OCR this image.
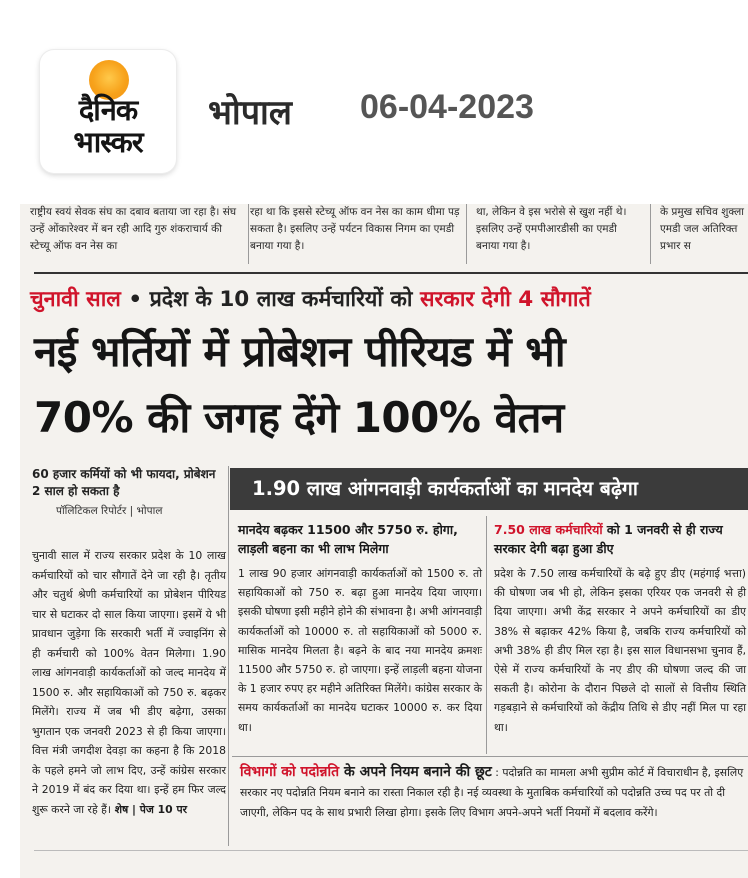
दैनिक
भास्कर
भोपाल 06-04-2023
राष्ट्रीय स्वयं सेवक संघ का दबाव बताया जा रहा है। संघ उन्हें ओंकारेश्वर में बन रही आदि गुरु शंकराचार्य की स्टेच्यू ऑफ वन नेस का
रहा था कि इससे स्टेच्यू ऑफ वन नेस का काम धीमा पड़ सकता है। इसलिए उन्हें पर्यटन विकास निगम का एमडी बनाया गया है।
था, लेकिन वे इस भरोसे से खुश नहीं थे। इसलिए उन्हें एमपीआरडीसी का एमडी बनाया गया है।
के प्रमुख सचिव शुक्ला एमडी जल अतिरिक्त प्रभार स
चुनावी साल • प्रदेश के 10 लाख कर्मचारियों को सरकार देगी 4 सौगातें
नई भर्तियों में प्रोबेशन पीरियड में भी
70% की जगह देंगे 100% वेतन
60 हजार कर्मियों को भी फायदा, प्रोबेशन 2 साल हो सकता है
पॉलिटिकल रिपोर्टर | भोपाल
चुनावी साल में राज्य सरकार प्रदेश के 10 लाख कर्मचारियों को चार सौगातें देने जा रही है। तृतीय और चतुर्थ श्रेणी कर्मचारियों का प्रोबेशन पीरियड चार से घटाकर दो साल किया जाएगा। इसमें ये भी प्रावधान जुड़ेगा कि सरकारी भर्ती में ज्वाइनिंग से ही कर्मचारी को 100% वेतन मिलेगा। 1.90 लाख आंगनवाड़ी कार्यकर्ताओं को जल्द मानदेय में 1500 रु. और सहायिकाओं को 750 रु. बढ़कर मिलेंगे। राज्य में जब भी डीए बढ़ेगा, उसका भुगतान एक जनवरी 2023 से ही किया जाएगा। वित्त मंत्री जगदीश देवड़ा का कहना है कि 2018 के पहले हमने जो लाभ दिए, उन्हें कांग्रेस सरकार ने 2019 में बंद कर दिया था। इन्हें हम फिर जल्द शुरू करने जा रहे हैं। शेष | पेज 10 पर
1.90 लाख आंगनवाड़ी कार्यकर्ताओं का मानदेय बढ़ेगा
मानदेय बढ़कर 11500 और 5750 रु. होगा, लाड़ली बहना का भी लाभ मिलेगा
1 लाख 90 हजार आंगनवाड़ी कार्यकर्ताओं को 1500 रु. तो सहायिकाओं को 750 रु. बढ़ा हुआ मानदेय दिया जाएगा। इसकी घोषणा इसी महीने होने की संभावना है। अभी आंगनवाड़ी कार्यकर्ताओं को 10000 रु. तो सहायिकाओं को 5000 रु. मासिक मानदेय मिलता है। बढ़ने के बाद नया मानदेय क्रमशः 11500 और 5750 रु. हो जाएगा। इन्हें लाड़ली बहना योजना के 1 हजार रुपए हर महीने अतिरिक्त मिलेंगे। कांग्रेस सरकार के समय कार्यकर्ताओं का मानदेय घटाकर 10000 रु. कर दिया था।
7.50 लाख कर्मचारियों को 1 जनवरी से ही राज्य सरकार देगी बढ़ा हुआ डीए
प्रदेश के 7.50 लाख कर्मचारियों के बढ़े हुए डीए (महंगाई भत्ता) की घोषणा जब भी हो, लेकिन इसका एरियर एक जनवरी से ही दिया जाएगा। अभी केंद्र सरकार ने अपने कर्मचारियों का डीए 38% से बढ़ाकर 42% किया है, जबकि राज्य कर्मचारियों को अभी 38% ही डीए मिल रहा है। इस साल विधानसभा चुनाव हैं, ऐसे में राज्य कर्मचारियों के नए डीए की घोषणा जल्द की जा सकती है। कोरोना के दौरान पिछले दो सालों से वित्तीय स्थिति गड़बड़ाने से कर्मचारियों को केंद्रीय तिथि से डीए नहीं मिल पा रहा था।
विभागों को पदोन्नति के अपने नियम बनाने की छूट : पदोन्नति का मामला अभी सुप्रीम कोर्ट में विचाराधीन है, इसलिए सरकार नए पदोन्नति नियम बनाने का रास्ता निकाल रही है। नई व्यवस्था के मुताबिक कर्मचारियों को पदोन्नति उच्च पद पर तो दी जाएगी, लेकिन पद के साथ प्रभारी लिखा होगा। इसके लिए विभाग अपने-अपने भर्ती नियमों में बदलाव करेंगे।
